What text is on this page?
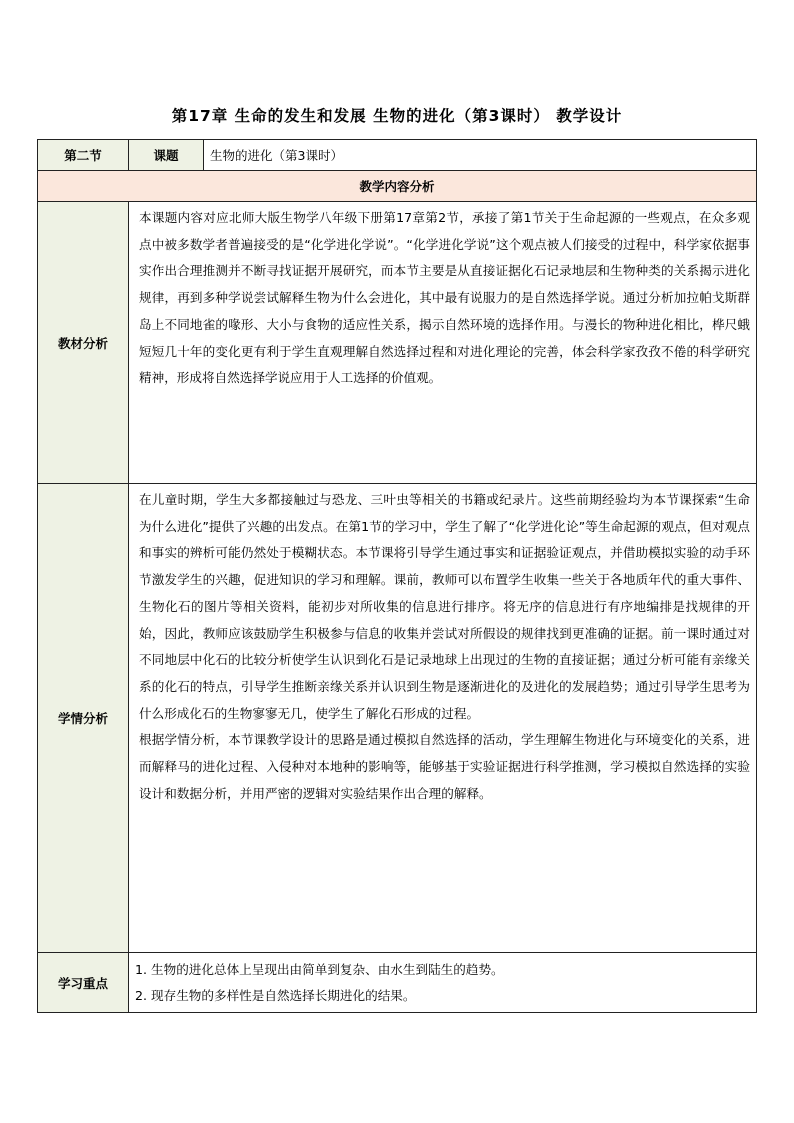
第17章 生命的发生和发展 生物的进化（第3课时） 教学设计
第二节	课题	生物的进化（第3课时）
教学内容分析		
教材分析	本课题内容对应北师大版生物学八年级下册第17章第2节，承接了第1节关于生命起源的一些观点，在众多观点中被多数学者普遍接受的是“化学进化学说”。“化学进化学说”这个观点被人们接受的过程中，科学家依据事实作出合理推测并不断寻找证据开展研究，而本节主要是从直接证据化石记录地层和生物种类的关系揭示进化规律，再到多种学说尝试解释生物为什么会进化，其中最有说服力的是自然选择学说。通过分析加拉帕戈斯群岛上不同地雀的喙形、大小与食物的适应性关系，揭示自然环境的选择作用。与漫长的物种进化相比，桦尺蛾短短几十年的变化更有利于学生直观理解自然选择过程和对进化理论的完善，体会科学家孜孜不倦的科学研究精神，形成将自然选择学说应用于人工选择的价值观。	

学情分析	在儿童时期，学生大多都接触过与恐龙、三叶虫等相关的书籍或纪录片。这些前期经验均为本节课探索“生命为什么进化”提供了兴趣的出发点。在第1节的学习中，学生了解了“化学进化论”等生命起源的观点，但对观点和事实的辨析可能仍然处于模糊状态。本节课将引导学生通过事实和证据验证观点，并借助模拟实验的动手环节激发学生的兴趣，促进知识的学习和理解。课前，教师可以布置学生收集一些关于各地质年代的重大事件、生物化石的图片等相关资料，能初步对所收集的信息进行排序。将无序的信息进行有序地编排是找规律的开始，因此，教师应该鼓励学生积极参与信息的收集并尝试对所假设的规律找到更准确的证据。前一课时通过对不同地层中化石的比较分析使学生认识到化石是记录地球上出现过的生物的直接证据；通过分析可能有亲缘关系的化石的特点，引导学生推断亲缘关系并认识到生物是逐渐进化的及进化的发展趋势；通过引导学生思考为什么形成化石的生物寥寥无几，使学生了解化石形成的过程。

根据学情分析，本节课教学设计的思路是通过模拟自然选择的活动，学生理解生物进化与环境变化的关系，进而解释马的进化过程、入侵种对本地种的影响等，能够基于实验证据进行科学推测，学习模拟自然选择的实验设计和数据分析，并用严密的逻辑对实验结果作出合理的解释。	

学习重点	1. 生物的进化总体上呈现出由简单到复杂、由水生到陆生的趋势。
2. 现存生物的多样性是自然选择长期进化的结果。	
